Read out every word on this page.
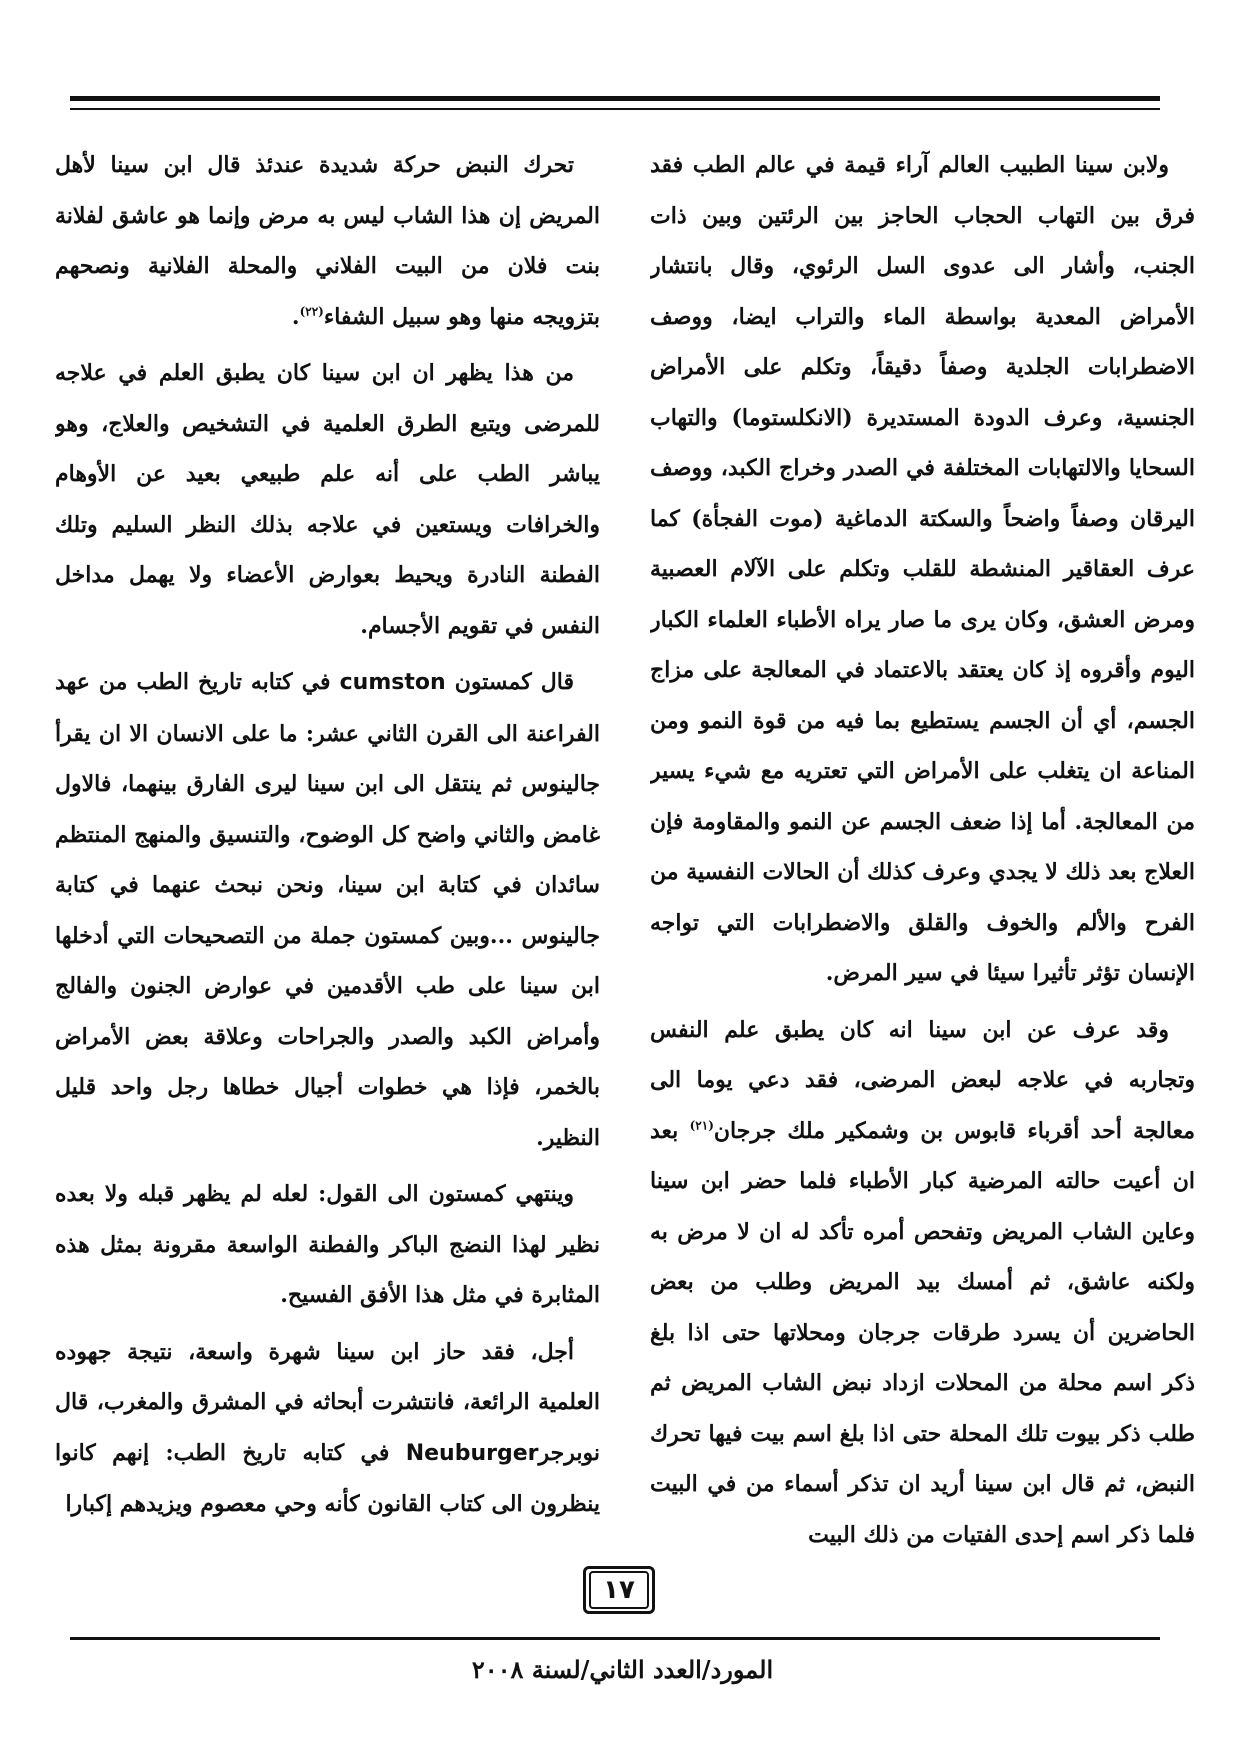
ولابن سينا الطبيب العالم آراء قيمة في عالم الطب فقد فرق بين التهاب الحجاب الحاجز بين الرئتين وبين ذات الجنب، وأشار الى عدوى السل الرئوي، وقال بانتشار الأمراض المعدية بواسطة الماء والتراب ايضا، ووصف الاضطرابات الجلدية وصفاً دقيقاً، وتكلم على الأمراض الجنسية، وعرف الدودة المستديرة (الانكلستوما) والتهاب السحايا والالتهابات المختلفة في الصدر وخراج الكبد، ووصف اليرقان وصفاً واضحاً والسكتة الدماغية (موت الفجأة) كما عرف العقاقير المنشطة للقلب وتكلم على الآلام العصبية ومرض العشق، وكان يرى ما صار يراه الأطباء العلماء الكبار اليوم وأقروه إذ كان يعتقد بالاعتماد في المعالجة على مزاج الجسم، أي أن الجسم يستطيع بما فيه من قوة النمو ومن المناعة ان يتغلب على الأمراض التي تعتريه مع شيء يسير من المعالجة. أما إذا ضعف الجسم عن النمو والمقاومة فإن العلاج بعد ذلك لا يجدي وعرف كذلك أن الحالات النفسية من الفرح والألم والخوف والقلق والاضطرابات التي تواجه الإنسان تؤثر تأثيرا سيئا في سير المرض.

وقد عرف عن ابن سينا انه كان يطبق علم النفس وتجاربه في علاجه لبعض المرضى، فقد دعي يوما الى معالجة أحد أقرباء قابوس بن وشمكير ملك جرجان$^{(٢١)}$ بعد ان أعيت حالته المرضية كبار الأطباء فلما حضر ابن سينا وعاين الشاب المريض وتفحص أمره تأكد له ان لا مرض به ولكنه عاشق، ثم أمسك بيد المريض وطلب من بعض الحاضرين أن يسرد طرقات جرجان ومحلاتها حتى اذا بلغ ذكر اسم محلة من المحلات ازداد نبض الشاب المريض ثم طلب ذكر بيوت تلك المحلة حتى اذا بلغ اسم بيت فيها تحرك النبض، ثم قال ابن سينا أريد ان تذكر أسماء من في البيت فلما ذكر اسم إحدى الفتيات من ذلك البيت

تحرك النبض حركة شديدة عندئذ قال ابن سينا لأهل المريض إن هذا الشاب ليس به مرض وإنما هو عاشق لفلانة بنت فلان من البيت الفلاني والمحلة الفلانية ونصحهم بتزويجه منها وهو سبيل الشفاء$^{(٢٢)}$.

من هذا يظهر ان ابن سينا كان يطبق العلم في علاجه للمرضى ويتبع الطرق العلمية في التشخيص والعلاج، وهو يباشر الطب على أنه علم طبيعي بعيد عن الأوهام والخرافات ويستعين في علاجه بذلك النظر السليم وتلك الفطنة النادرة ويحيط بعوارض الأعضاء ولا يهمل مداخل النفس في تقويم الأجسام.

قال كمستون cumston في كتابه تاريخ الطب من عهد الفراعنة الى القرن الثاني عشر: ما على الانسان الا ان يقرأ جالينوس ثم ينتقل الى ابن سينا ليرى الفارق بينهما، فالاول غامض والثاني واضح كل الوضوح، والتنسيق والمنهج المنتظم سائدان في كتابة ابن سينا، ونحن نبحث عنهما في كتابة جالينوس ...وبين كمستون جملة من التصحيحات التي أدخلها ابن سينا على طب الأقدمين في عوارض الجنون والفالج وأمراض الكبد والصدر والجراحات وعلاقة بعض الأمراض بالخمر، فإذا هي خطوات أجيال خطاها رجل واحد قليل النظير.

وينتهي كمستون الى القول: لعله لم يظهر قبله ولا بعده نظير لهذا النضج الباكر والفطنة الواسعة مقرونة بمثل هذه المثابرة في مثل هذا الأفق الفسيح.

أجل، فقد حاز ابن سينا شهرة واسعة، نتيجة جهوده العلمية الرائعة، فانتشرت أبحاثه في المشرق والمغرب، قال نوبرجرNeuburger في كتابه تاريخ الطب: إنهم كانوا ينظرون الى كتاب القانون كأنه وحي معصوم ويزيدهم إكبارا

١٧
المورد/العدد الثاني/لسنة ٢٠٠٨
